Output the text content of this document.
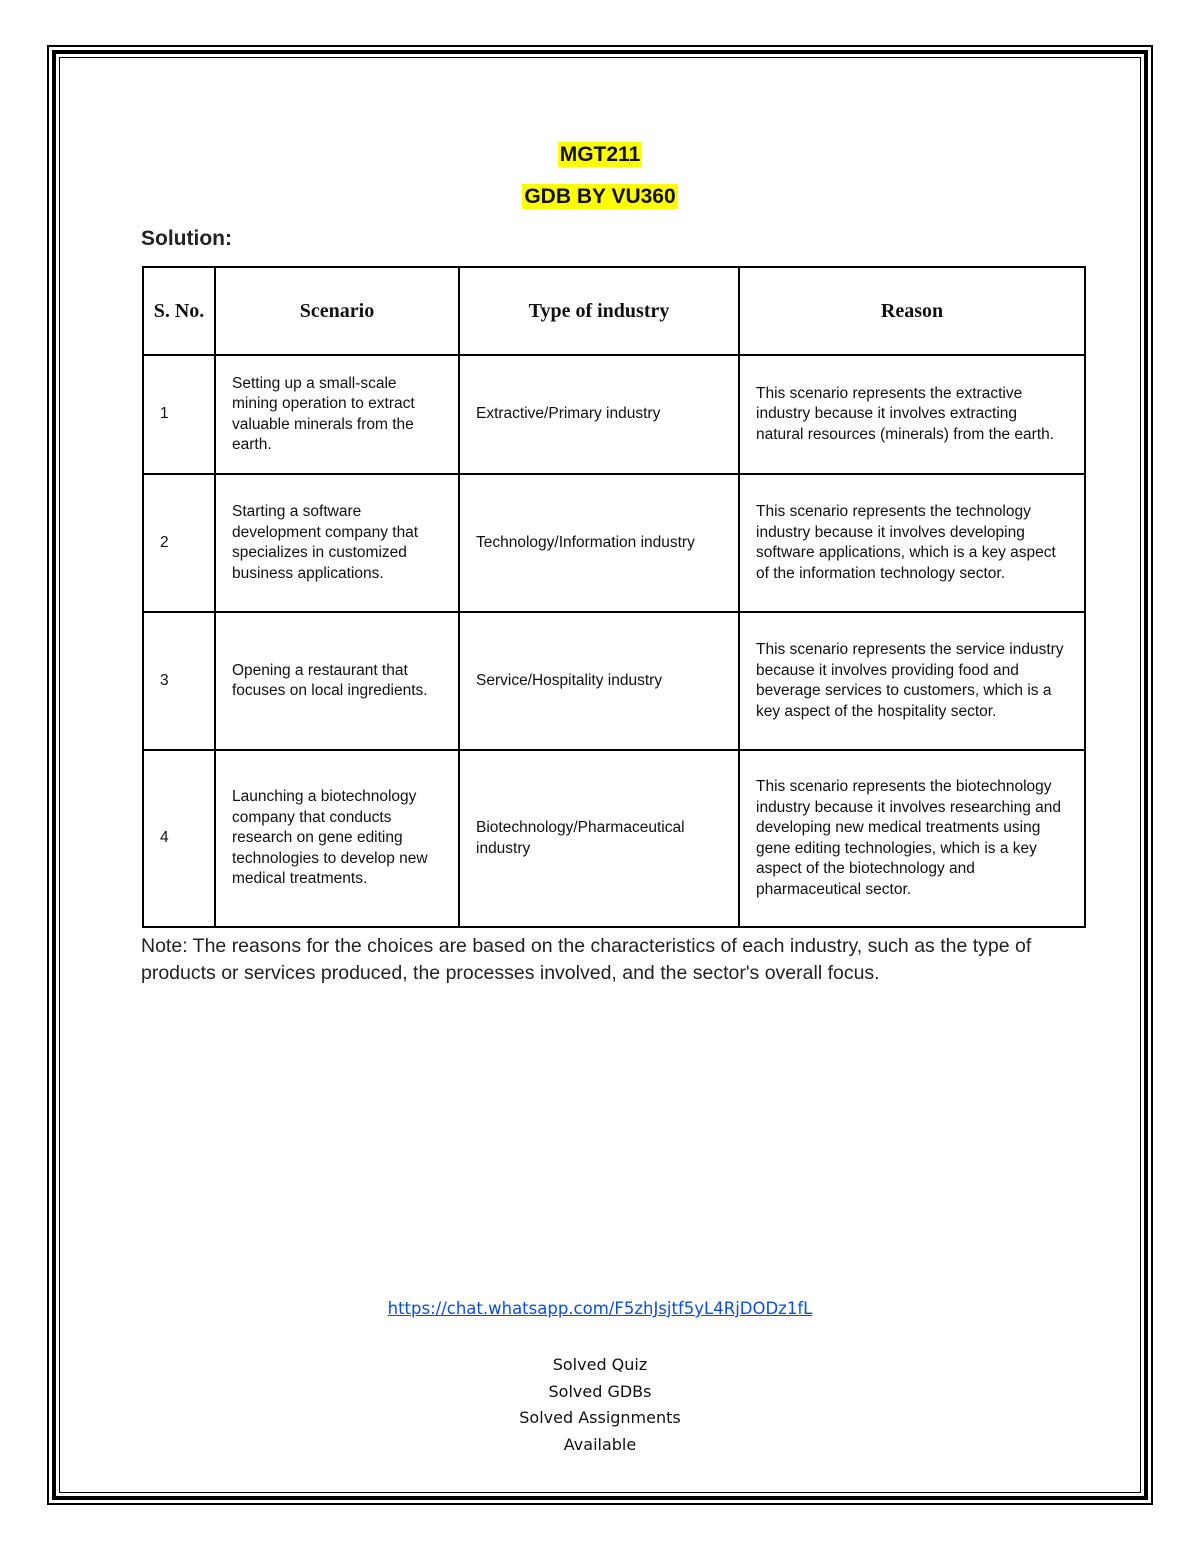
MGT211
GDB BY VU360
Solution:
S. No.	Scenario	Type of industry	Reason
1	Setting up a small-scale mining operation to extract valuable minerals from the earth.	Extractive/Primary industry	This scenario represents the extractive industry because it involves extracting natural resources (minerals) from the earth.
2	Starting a software development company that specializes in customized business applications.	Technology/Information industry	This scenario represents the technology industry because it involves developing software applications, which is a key aspect of the information technology sector.
3	Opening a restaurant that focuses on local ingredients.	Service/Hospitality industry	This scenario represents the service industry because it involves providing food and beverage services to customers, which is a key aspect of the hospitality sector.
4	Launching a biotechnology company that conducts research on gene editing technologies to develop new medical treatments.	Biotechnology/Pharmaceutical industry	This scenario represents the biotechnology industry because it involves researching and developing new medical treatments using gene editing technologies, which is a key aspect of the biotechnology and pharmaceutical sector.
Note: The reasons for the choices are based on the characteristics of each industry, such as the type of products or services produced, the processes involved, and the sector's overall focus.
https://chat.whatsapp.com/F5zhJsjtf5yL4RjDODz1fL
Solved Quiz
Solved GDBs
Solved Assignments
Available
